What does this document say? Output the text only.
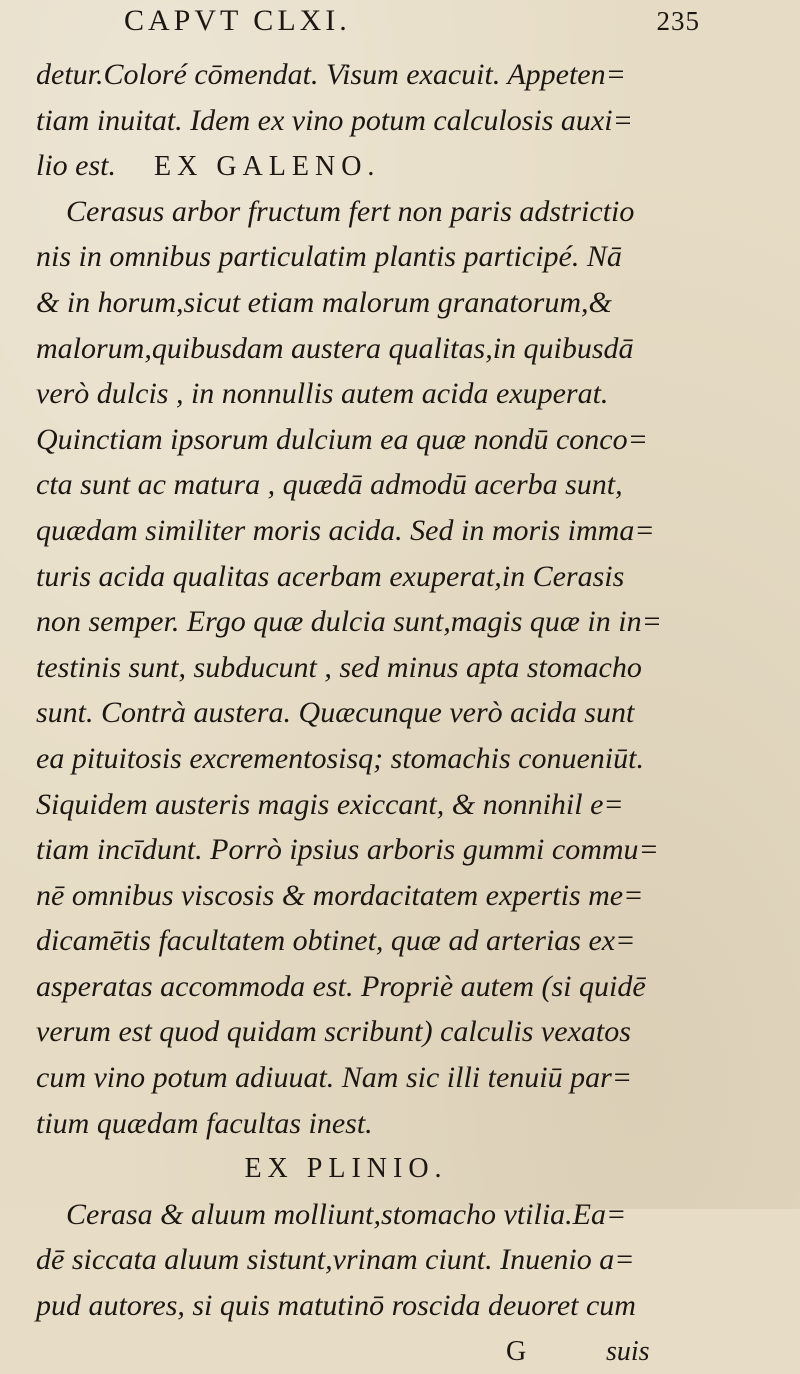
CAPVT CLXI.	235
detur.Coloré cōmendat. Visum exacuit. Appeten=
tiam inuitat. Idem ex vino potum calculosis auxi=
lio est. EX GALENO.
Cerasus arbor fructum fert non paris adstrictio
nis in omnibus particulatim plantis participé. Nā
& in horum,sicut etiam malorum granatorum,&
malorum,quibusdam austera qualitas,in quibusdā
verò dulcis , in nonnullis autem acida exuperat.
Quinctiam ipsorum dulcium ea quæ nondū conco=
cta sunt ac matura , quædā admodū acerba sunt,
quædam similiter moris acida. Sed in moris imma=
turis acida qualitas acerbam exuperat,in Cerasis
non semper. Ergo quæ dulcia sunt,magis quæ in in=
testinis sunt, subducunt , sed minus apta stomacho
sunt. Contrà austera. Quæcunque verò acida sunt
ea pituitosis excrementosisq; stomachis conueniūt.
Siquidem austeris magis exiccant, & nonnihil e=
tiam incīdunt. Porrò ipsius arboris gummi commu=
nē omnibus viscosis & mordacitatem expertis me=
dicamētis facultatem obtinet, quæ ad arterias ex=
asperatas accommoda est. Propriè autem (si quidē
verum est quod quidam scribunt) calculis vexatos
cum vino potum adiuuat. Nam sic illi tenuiū par=
tium quædam facultas inest.
EX PLINIO.
Cerasa & aluum molliunt,stomacho vtilia.Ea=
dē siccata aluum sistunt,vrinam ciunt. Inuenio a=
pud autores, si quis matutinō roscida deuoret cum
G	suis
